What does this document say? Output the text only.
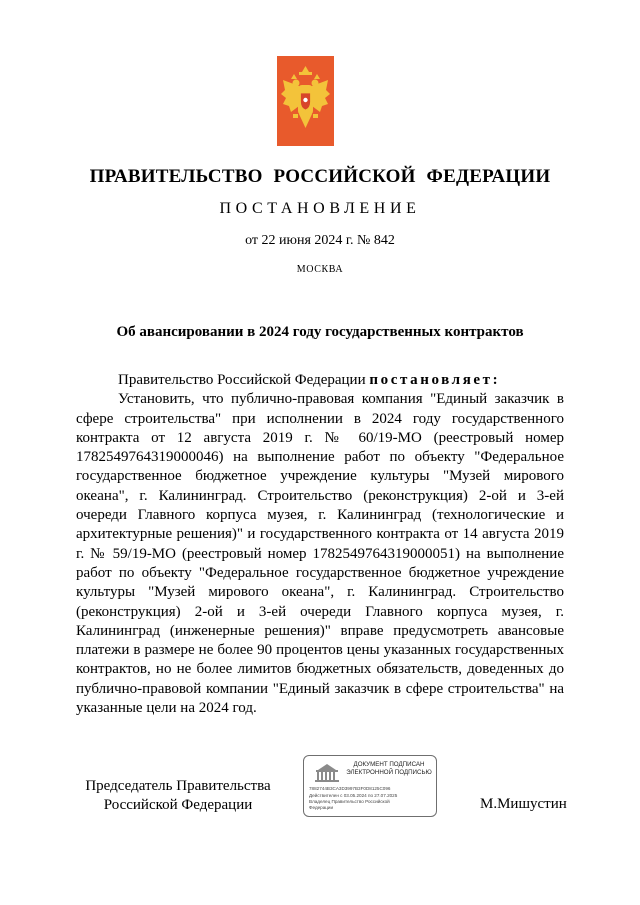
ПРАВИТЕЛЬСТВО РОССИЙСКОЙ ФЕДЕРАЦИИ
ПОСТАНОВЛЕНИЕ
от 22 июня 2024 г. № 842
МОСКВА
Об авансировании в 2024 году государственных контрактов

Правительство Российской Федерации постановляет:

Установить, что публично-правовая компания "Единый заказчик в сфере строительства" при исполнении в 2024 году государственного контракта от 12 августа 2019 г. № 60/19-МО (реестровый номер 1782549764319000046) на выполнение работ по объекту "Федеральное государственное бюджетное учреждение культуры "Музей мирового океана", г. Калининград. Строительство (реконструкция) 2-ой и 3-ей очереди Главного корпуса музея, г. Калининград (технологические и архитектурные решения)" и государственного контракта от 14 августа 2019 г. № 59/19-МО (реестровый номер 1782549764319000051) на выполнение работ по объекту "Федеральное государственное бюджетное учреждение культуры "Музей мирового океана", г. Калининград. Строительство (реконструкция) 2-ой и 3-ей очереди Главного корпуса музея, г. Калининград (инженерные решения)" вправе предусмотреть авансовые платежи в размере не более 90 процентов цены указанных государственных контрактов, но не более лимитов бюджетных обязательств, доведенных до публично-правовой компании "Единый заказчик в сфере строительства" на указанные цели на 2024 год.

Председатель Правительства
Российской Федерации
ДОКУМЕНТ ПОДПИСАН
ЭЛЕКТРОННОЙ ПОДПИСЬЮ
7882744B3CA3D3997B3F0D8125C096
Действителен с 03.05.2024 по 27.07.2025
Владелец Правительство Российской
Федерации	М.Мишустин
